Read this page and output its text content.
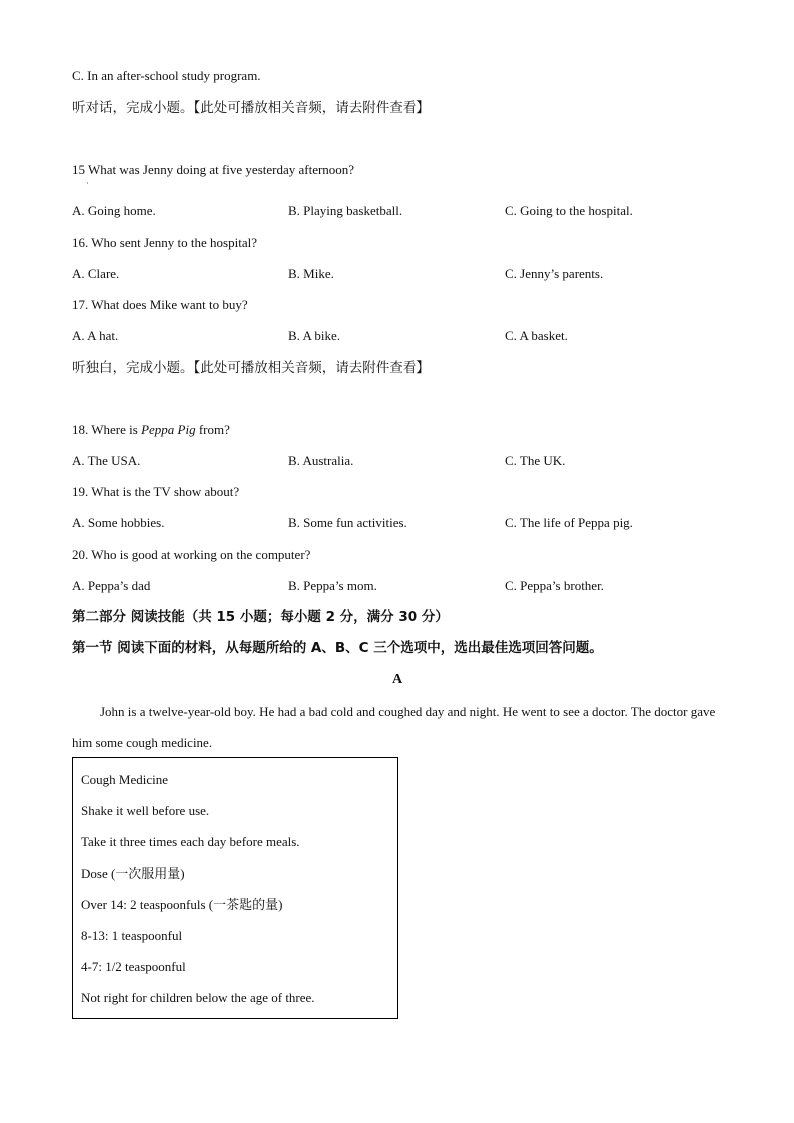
C. In an after-school study program.
听对话，完成小题。【此处可播放相关音频，请去附件查看】
15 What was Jenny doing at five yesterday afternoon?
·
A. Going home.	B. Playing basketball.	C. Going to the hospital.
16. Who sent Jenny to the hospital?
A. Clare.	B. Mike.	C. Jenny’s parents.
17. What does Mike want to buy?
A. A hat.	B. A bike.	C. A basket.
听独白，完成小题。【此处可播放相关音频，请去附件查看】
18. Where is Peppa Pig from?
A. The USA.	B. Australia.	C. The UK.
19. What is the TV show about?
A. Some hobbies.	B. Some fun activities.	C. The life of Peppa pig.
20. Who is good at working on the computer?
A. Peppa’s dad	B. Peppa’s mom.	C. Peppa’s brother.
第二部分 阅读技能（共 15 小题；每小题 2 分，满分 30 分）
第一节 阅读下面的材料，从每题所给的 A、B、C 三个选项中，选出最佳选项回答问题。
A
John is a twelve-year-old boy. He had a bad cold and coughed day and night. He went to see a doctor. The doctor gave him some cough medicine.
Cough Medicine
Shake it well before use.
Take it three times each day before meals.
Dose (一次服用量)
Over 14: 2 teaspoonfuls (一茶匙的量)
8-13: 1 teaspoonful
4-7: 1/2 teaspoonful
Not right for children below the age of three.
